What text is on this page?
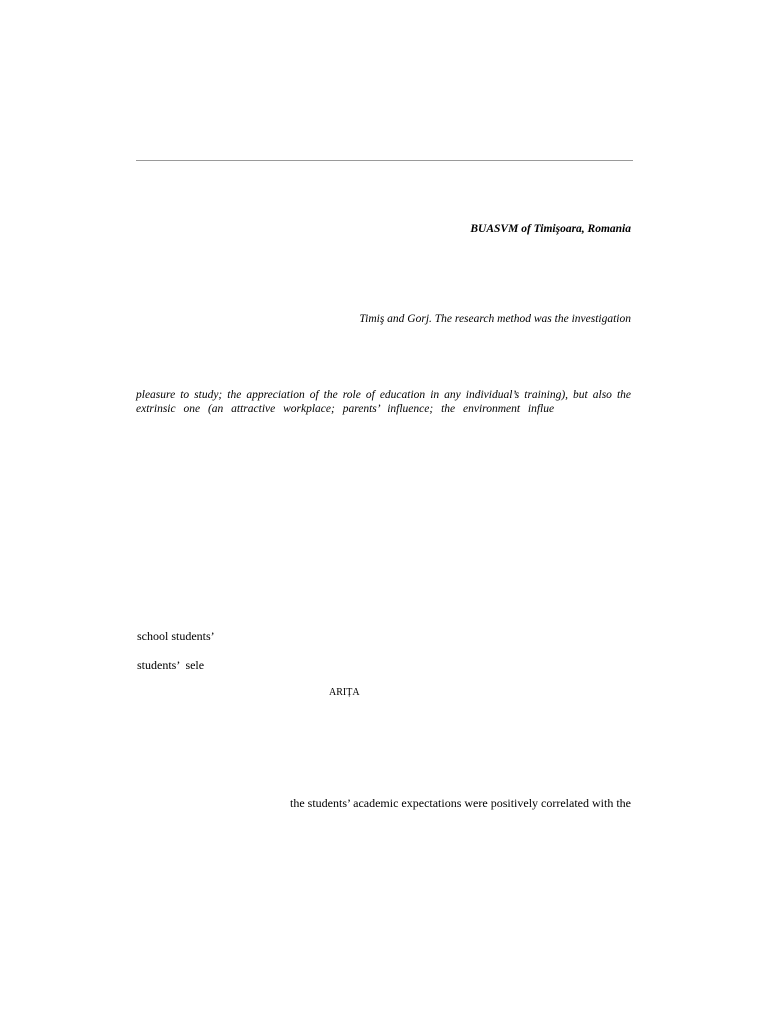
BUASVM of Timişoara, Romania
Timiş and Gorj. The research method was the investigation
pleasure to study; the appreciation of the role of education in any individual’s training), but also the
extrinsic one (an attractive workplace; parents’ influence; the environment influe
school students’
students’ sele
ARIȚA
the students’ academic expectations were positively correlated with the
